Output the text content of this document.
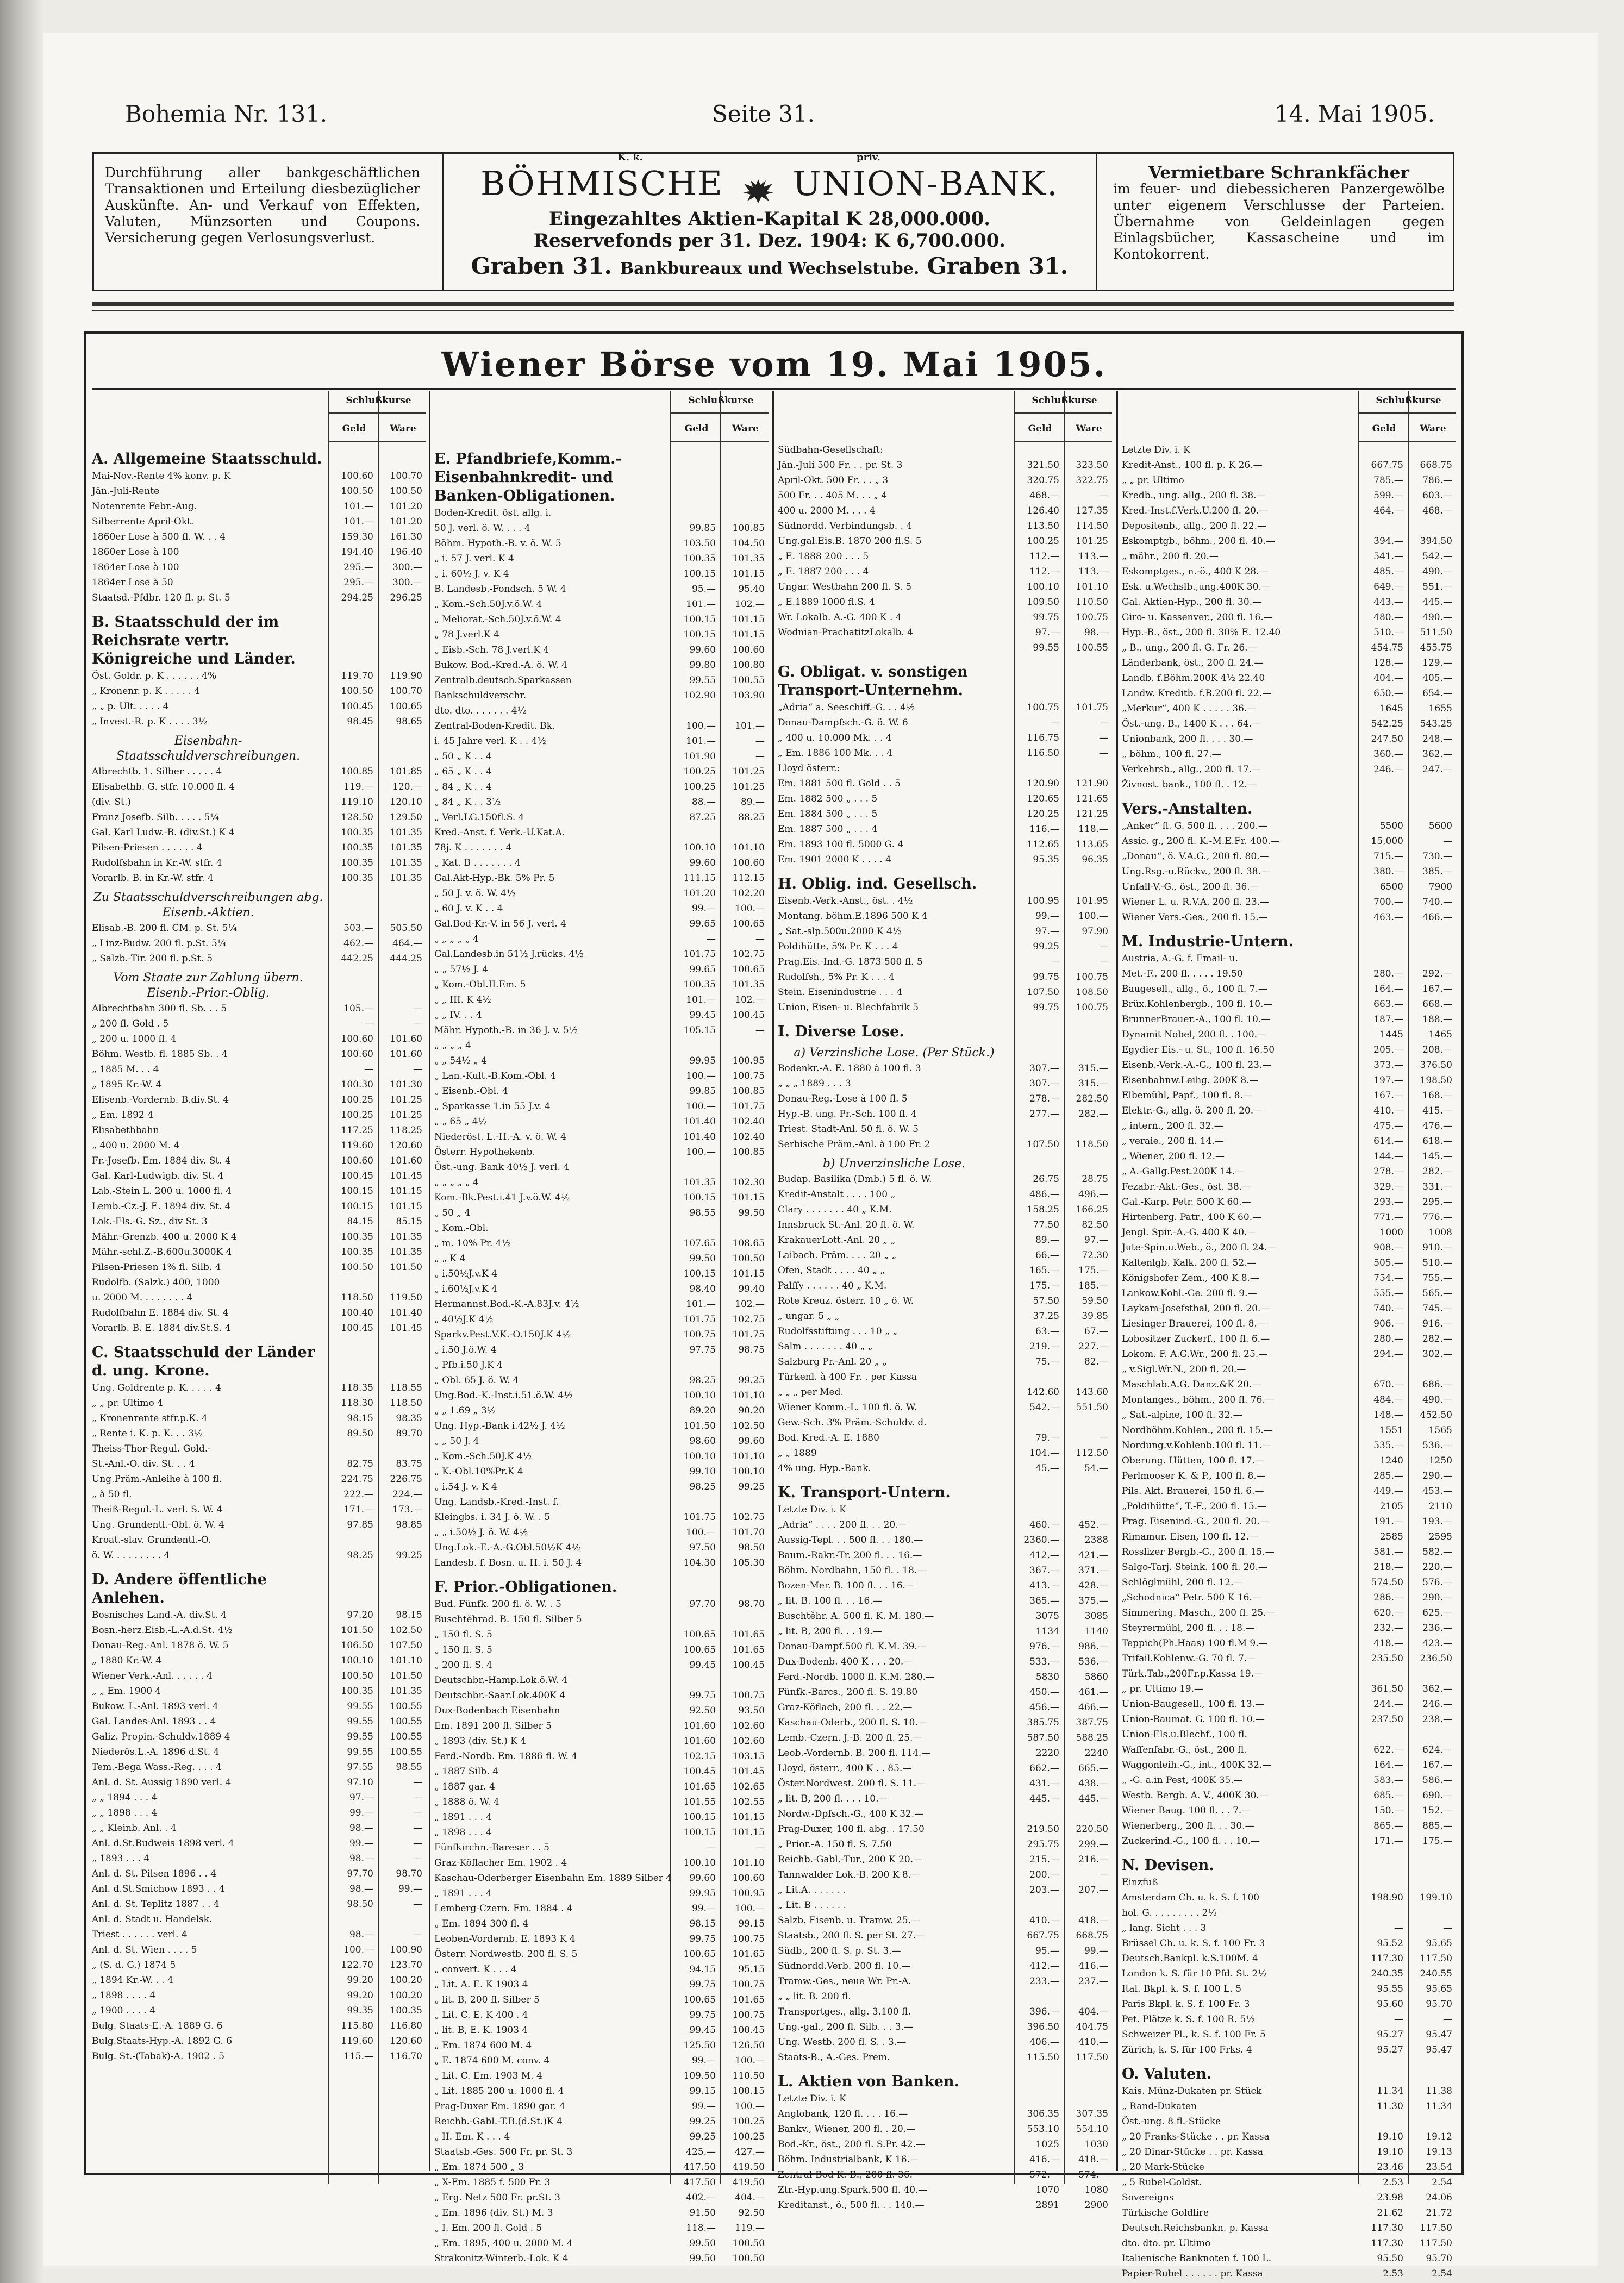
Bohemia Nr. 131.	Seite 31.	14. Mai 1905.
Durchführung aller bankgeschäftlichen Transaktionen und Erteilung diesbezüglicher Auskünfte. An- und Verkauf von Effekten, Valuten, Münzsorten und Coupons. Versicherung gegen Verlosungsverlust.
K. k.	priv.
BÖHMISCHE UNION-BANK.
Eingezahltes Aktien-Kapital K 28,000.000.
Reservefonds per 31. Dez. 1904: K 6,700.000.
Graben 31. Bankbureaux und Wechselstube. Graben 31.
Vermietbare Schrankfächer
im feuer- und diebessicheren Panzergewölbe unter eigenem Verschlusse der Parteien. Übernahme von Geldeinlagen gegen Einlagsbücher, Kassascheine und im Kontokorrent.
Wiener Börse vom 19. Mai 1905.
Schlußkurse
Geld	Ware
A. Allgemeine Staatsschuld.
Mai-Nov.-Rente 4% konv. p. K	100.60	100.70
Jän.-Juli-Rente	100.50	100.50
Notenrente Febr.-Aug.	101.—	101.20
Silberrente April-Okt.	101.—	101.20
1860er Lose à 500 fl. W. . . 4	159.30	161.30
1860er Lose à 100	194.40	196.40
1864er Lose à 100	295.—	300.—
1864er Lose à 50	295.—	300.—
Staatsd.-Pfdbr. 120 fl. p. St. 5	294.25	296.25
B. Staatsschuld der im Reichsrate vertr. Königreiche und Länder.
Öst. Goldr. p. K . . . . . . 4%	119.70	119.90
„ Kronenr. p. K . . . . . 4	100.50	100.70
„ „ p. Ult. . . . . 4	100.45	100.65
„ Invest.-R. p. K . . . . 3½	98.45	98.65
Eisenbahn-Staatsschuldverschreibungen.
Albrechtb. 1. Silber . . . . . 4	100.85	101.85
Elisabethb. G. stfr. 10.000 fl. 4	119.—	120.—
(div. St.)	119.10	120.10
Franz Josefb. Silb. . . . . 5¼	128.50	129.50
Gal. Karl Ludw.-B. (div.St.) K 4	100.35	101.35
Pilsen-Priesen . . . . . . 4	100.35	101.35
Rudolfsbahn in Kr.-W. stfr. 4	100.35	101.35
Vorarlb. B. in Kr.-W. stfr. 4	100.35	101.35
Zu Staatsschuldverschreibungen abg. Eisenb.-Aktien.
Elisab.-B. 200 fl. CM. p. St. 5¼	503.—	505.50
„ Linz-Budw. 200 fl. p.St. 5¼	462.—	464.—
„ Salzb.-Tir. 200 fl. p.St. 5	442.25	444.25
Vom Staate zur Zahlung übern. Eisenb.-Prior.-Oblig.
Albrechtbahn 300 fl. Sb. . . 5	105.—	—
„ 200 fl. Gold . 5	—	—
„ 200 u. 1000 fl. 4	100.60	101.60
Böhm. Westb. fl. 1885 Sb. . 4	100.60	101.60
„ 1885 M. . . 4	—	—
„ 1895 Kr.-W. 4	100.30	101.30
Elisenb.-Vordernb. B.div.St. 4	100.25	101.25
„ Em. 1892 4	100.25	101.25
Elisabethbahn	117.25	118.25
„ 400 u. 2000 M. 4	119.60	120.60
Fr.-Josefb. Em. 1884 div. St. 4	100.60	101.60
Gal. Karl-Ludwigb. div. St. 4	100.45	101.45
Lab.-Stein L. 200 u. 1000 fl. 4	100.15	101.15
Lemb.-Cz.-J. E. 1894 div. St. 4	100.15	101.15
Lok.-Els.-G. Sz., div St. 3	84.15	85.15
Mähr.-Grenzb. 400 u. 2000 K 4	100.35	101.35
Mähr.-schl.Z.-B.600u.3000K 4	100.35	101.35
Pilsen-Priesen 1% fl. Silb. 4	100.50	101.50
Rudolfb. (Salzk.) 400, 1000
u. 2000 M. . . . . . . . 4	118.50	119.50
Rudolfbahn E. 1884 div. St. 4	100.40	101.40
Vorarlb. B. E. 1884 div.St.S. 4	100.45	101.45
C. Staatsschuld der Länder d. ung. Krone.
Ung. Goldrente p. K. . . . . 4	118.35	118.55
„ „ pr. Ultimo 4	118.30	118.50
„ Kronenrente stfr.p.K. 4	98.15	98.35
„ Rente i. K. p. K. . . 3½	89.50	89.70
Theiss-Thor-Regul. Gold.-
St.-Anl.-O. div. St. . . 4	82.75	83.75
Ung.Präm.-Anleihe à 100 fl.	224.75	226.75
„ à 50 fl.	222.—	224.—
Theiß-Regul.-L. verl. S. W. 4	171.—	173.—
Ung. Grundentl.-Obl. ö. W. 4	97.85	98.85
Kroat.-slav. Grundentl.-O.
ö. W. . . . . . . . . 4	98.25	99.25
D. Andere öffentliche Anlehen.
Bosnisches Land.-A. div.St. 4	97.20	98.15
Bosn.-herz.Eisb.-L.-A.d.St. 4½	101.50	102.50
Donau-Reg.-Anl. 1878 ö. W. 5	106.50	107.50
„ 1880 Kr.-W. 4	100.10	101.10
Wiener Verk.-Anl. . . . . . 4	100.50	101.50
„ „ Em. 1900 4	100.35	101.35
Bukow. L.-Anl. 1893 verl. 4	99.55	100.55
Gal. Landes-Anl. 1893 . . 4	99.55	100.55
Galiz. Propin.-Schuldv.1889 4	99.55	100.55
Niederös.L.-A. 1896 d.St. 4	99.55	100.55
Tem.-Bega Wass.-Reg. . . . 4	97.55	98.55
Anl. d. St. Aussig 1890 verl. 4	97.10	—
„ „ 1894 . . . 4	97.—	—
„ „ 1898 . . . 4	99.—	—
„ „ Kleinb. Anl. . 4	98.—	—
Anl. d.St.Budweis 1898 verl. 4	99.—	—
„ 1893 . . . 4	98.—	—
Anl. d. St. Pilsen 1896 . . 4	97.70	98.70
Anl. d.St.Smichow 1893 . . 4	98.—	99.—
Anl. d. St. Teplitz 1887 . . 4	98.50	—
Anl. d. Stadt u. Handelsk.
Triest . . . . . . verl. 4	98.—	—
Anl. d. St. Wien . . . . 5	100.—	100.90
„ (S. d. G.) 1874 5	122.70	123.70
„ 1894 Kr.-W. . . 4	99.20	100.20
„ 1898 . . . . 4	99.20	100.20
„ 1900 . . . . 4	99.35	100.35
Bulg. Staats-E.-A. 1889 G. 6	115.80	116.80
Bulg.Staats-Hyp.-A. 1892 G. 6	119.60	120.60
Bulg. St.-(Tabak)-A. 1902 . 5	115.—	116.70
Schlußkurse
Geld	Ware
E. Pfandbriefe,Komm.-Eisenbahnkredit- und Banken-Obligationen.
Boden-Kredit. öst. allg. i.
50 J. verl. ö. W. . . . 4	99.85	100.85
Böhm. Hypoth.-B. v. ö. W. 5	103.50	104.50
„ i. 57 J. verl. K 4	100.35	101.35
„ i. 60½ J. v. K 4	100.15	101.15
B. Landesb.-Fondsch. 5 W. 4	95.—	95.40
„ Kom.-Sch.50J.v.ö.W. 4	101.—	102.—
„ Meliorat.-Sch.50J.v.ö.W. 4	100.15	101.15
„ 78 J.verl.K 4	100.15	101.15
„ Eisb.-Sch. 78 J.verl.K 4	99.60	100.60
Bukow. Bod.-Kred.-A. ö. W. 4	99.80	100.80
Zentralb.deutsch.Sparkassen	99.55	100.55
Bankschuldverschr.	102.90	103.90
dto. dto. . . . . . . 4½
Zentral-Boden-Kredit. Bk.	100.—	101.—
i. 45 Jahre verl. K . . 4½	101.—	—
„ 50 „ K . . 4	101.90	—
„ 65 „ K . . 4	100.25	101.25
„ 84 „ K . . 4	100.25	101.25
„ 84 „ K . . 3½	88.—	89.—
„ Verl.LG.150fl.S. 4	87.25	88.25
Kred.-Anst. f. Verk.-U.Kat.A.
78j. K . . . . . . . 4	100.10	101.10
„ Kat. B . . . . . . . 4	99.60	100.60
Gal.Akt-Hyp.-Bk. 5% Pr. 5	111.15	112.15
„ 50 J. v. ö. W. 4½	101.20	102.20
„ 60 J. v. K . . 4	99.—	100.—
Gal.Bod-Kr.-V. in 56 J. verl. 4	99.65	100.65
„ „ „ „ „ 4	—	—
Gal.Landesb.in 51½ J.rücks. 4½	101.75	102.75
„ „ 57½ J. 4	99.65	100.65
„ Kom.-Obl.II.Em. 5	100.35	101.35
„ „ III. K 4½	101.—	102.—
„ „ IV. . . 4	99.45	100.45
Mähr. Hypoth.-B. in 36 J. v. 5½	105.15	—
„ „ „ „ 4
„ „ 54½ „ 4	99.95	100.95
„ Lan.-Kult.-B.Kom.-Obl. 4	100.—	100.75
„ Eisenb.-Obl. 4	99.85	100.85
„ Sparkasse 1.in 55 J.v. 4	100.—	101.75
„ „ 65 „ 4½	101.40	102.40
Niederöst. L.-H.-A. v. ö. W. 4	101.40	102.40
Österr. Hypothekenb.	100.—	100.85
Öst.-ung. Bank 40½ J. verl. 4
„ „ „ „ „ 4	101.35	102.30
Kom.-Bk.Pest.i.41 J.v.ö.W. 4½	100.15	101.15
„ 50 „ 4	98.55	99.50
„ Kom.-Obl.
„ m. 10% Pr. 4½	107.65	108.65
„ „ K 4	99.50	100.50
„ i.50½J.v.K 4	100.15	101.15
„ i.60½J.v.K 4	98.40	99.40
Hermannst.Bod.-K.-A.83J.v. 4½	101.—	102.—
„ 40½J.K 4½	101.75	102.75
Sparkv.Pest.V.K.-O.150J.K 4½	100.75	101.75
„ i.50 J.ö.W. 4	97.75	98.75
„ Pfb.i.50 J.K 4
„ Obl. 65 J. ö. W. 4	98.25	99.25
Ung.Bod.-K.-Inst.i.51.ö.W. 4½	100.10	101.10
„ „ 1.69 „ 3½	89.20	90.20
Ung. Hyp.-Bank i.42½ J. 4½	101.50	102.50
„ „ 50 J. 4	98.60	99.60
„ Kom.-Sch.50J.K 4½	100.10	101.10
„ K.-Obl.10%Pr.K 4	99.10	100.10
„ i.54 J. v. K 4	98.25	99.25
Ung. Landsb.-Kred.-Inst. f.
Kleingbs. i. 34 J. ö. W. . 5	101.75	102.75
„ „ i.50½ J. ö. W. 4½	100.—	101.70
Ung.Lok.-E.-A.-G.Obl.50½K 4½	97.50	98.50
Landesb. f. Bosn. u. H. i. 50 J. 4	104.30	105.30
F. Prior.-Obligationen.
Bud. Fünfk. 200 fl. ö. W. . 5	97.70	98.70
Buschtěhrad. B. 150 fl. Silber 5
„ 150 fl. S. 5	100.65	101.65
„ 150 fl. S. 5	100.65	101.65
„ 200 fl. S. 4	99.45	100.45
Deutschbr.-Hamp.Lok.ö.W. 4
Deutschbr.-Saar.Lok.400K 4	99.75	100.75
Dux-Bodenbach Eisenbahn	92.50	93.50
Em. 1891 200 fl. Silber 5	101.60	102.60
„ 1893 (div. St.) K 4	101.60	102.60
Ferd.-Nordb. Em. 1886 fl. W. 4	102.15	103.15
„ 1887 Silb. 4	100.45	101.45
„ 1887 gar. 4	101.65	102.65
„ 1888 ö. W. 4	101.55	102.55
„ 1891 . . . 4	100.15	101.15
„ 1898 . . . 4	100.15	101.15
Fünfkirchn.-Bareser . . 5	—	—
Graz-Köflacher Em. 1902 . 4	100.10	101.10
Kaschau-Oderberger Eisenbahn Em. 1889 Silber 4	99.60	100.60
„ 1891 . . . 4	99.95	100.95
Lemberg-Czern. Em. 1884 . 4	99.—	100.—
„ Em. 1894 300 fl. 4	98.15	99.15
Leoben-Vordernb. E. 1893 K 4	99.75	100.75
Österr. Nordwestb. 200 fl. S. 5	100.65	101.65
„ convert. K . . . 4	94.15	95.15
„ Lit. A. E. K 1903 4	99.75	100.75
„ lit. B, 200 fl. Silber 5	100.65	101.65
„ Lit. C. E. K 400 . 4	99.75	100.75
„ lit. B, E. K. 1903 4	99.45	100.45
„ Em. 1874 600 M. 4	125.50	126.50
„ E. 1874 600 M. conv. 4	99.—	100.—
„ Lit. C. Em. 1903 M. 4	109.50	110.50
„ Lit. 1885 200 u. 1000 fl. 4	99.15	100.15
Prag-Duxer Em. 1890 gar. 4	99.—	100.—
Reichb.-Gabl.-T.B.(d.St.)K 4	99.25	100.25
„ II. Em. K . . . 4	99.25	100.25
Staatsb.-Ges. 500 Fr. pr. St. 3	425.—	427.—
„ Em. 1874 500 „ 3	417.50	419.50
„ X-Em. 1885 f. 500 Fr. 3	417.50	419.50
„ Erg. Netz 500 Fr. pr.St. 3	402.—	404.—
„ Em. 1896 (div. St.) M. 3	91.50	92.50
„ I. Em. 200 fl. Gold . 5	118.—	119.—
„ Em. 1895, 400 u. 2000 M. 4	99.50	100.50
Strakonitz-Winterb.-Lok. K 4	99.50	100.50
Schlußkurse
Geld	Ware
Südbahn-Gesellschaft:
Jän.-Juli 500 Fr. . . pr. St. 3	321.50	323.50
April-Okt. 500 Fr. . . „ 3	320.75	322.75
500 Fr. . . 405 M. . . „ 4	468.—	—
400 u. 2000 M. . . . 4	126.40	127.35
Südnordd. Verbindungsb. . 4	113.50	114.50
Ung.gal.Eis.B. 1870 200 fl.S. 5	100.25	101.25
„ E. 1888 200 . . . 5	112.—	113.—
„ E. 1887 200 . . . 4	112.—	113.—
Ungar. Westbahn 200 fl. S. 5	100.10	101.10
„ E.1889 1000 fl.S. 4	109.50	110.50
Wr. Lokalb. A.-G. 400 K . 4	99.75	100.75
Wodnian-PrachatitzLokalb. 4	97.—	98.—
99.55	100.55
G. Obligat. v. sonstigen Transport-Unternehm.
„Adria“ a. Seeschiff.-G. . . 4½	100.75	101.75
Donau-Dampfsch.-G. ö. W. 6	—	—
„ 400 u. 10.000 Mk. . . 4	116.75	—
„ Em. 1886 100 Mk. . . 4	116.50	—
Lloyd österr.:
Em. 1881 500 fl. Gold . . 5	120.90	121.90
Em. 1882 500 „ . . . 5	120.65	121.65
Em. 1884 500 „ . . . 5	120.25	121.25
Em. 1887 500 „ . . . 4	116.—	118.—
Em. 1893 100 fl. 5000 G. 4	112.65	113.65
Em. 1901 2000 K . . . . 4	95.35	96.35
H. Oblig. ind. Gesellsch.
Eisenb.-Verk.-Anst., öst. . 4½	100.95	101.95
Montang. böhm.E.1896 500 K 4	99.—	100.—
„ Sat.-slp.500u.2000 K 4½	97.—	97.90
Poldihütte, 5% Pr. K . . . 4	99.25	—
Prag.Eis.-Ind.-G. 1873 500 fl. 5	—	—
Rudolfsh., 5% Pr. K . . . 4	99.75	100.75
Stein. Eisenindustrie . . . 4	107.50	108.50
Union, Eisen- u. Blechfabrik 5	99.75	100.75
I. Diverse Lose.
a) Verzinsliche Lose. (Per Stück.)
Bodenkr.-A. E. 1880 à 100 fl. 3	307.—	315.—
„ „ „ 1889 . . . 3	307.—	315.—
Donau-Reg.-Lose à 100 fl. 5	278.—	282.50
Hyp.-B. ung. Pr.-Sch. 100 fl. 4	277.—	282.—
Triest. Stadt-Anl. 50 fl. ö. W. 5
Serbische Präm.-Anl. à 100 Fr. 2	107.50	118.50
b) Unverzinsliche Lose.
Budap. Basilika (Dmb.) 5 fl. ö. W.	26.75	28.75
Kredit-Anstalt . . . . 100 „	486.—	496.—
Clary . . . . . . . 40 „ K.M.	158.25	166.25
Innsbruck St.-Anl. 20 fl. ö. W.	77.50	82.50
KrakauerLott.-Anl. 20 „ „	89.—	97.—
Laibach. Präm. . . . 20 „ „	66.—	72.30
Ofen, Stadt . . . . 40 „ „	165.—	175.—
Palffy . . . . . . 40 „ K.M.	175.—	185.—
Rote Kreuz. österr. 10 „ ö. W.	57.50	59.50
„ ungar. 5 „ „	37.25	39.85
Rudolfsstiftung . . . 10 „ „	63.—	67.—
Salm . . . . . . . 40 „ „	219.—	227.—
Salzburg Pr.-Anl. 20 „ „	75.—	82.—
Türkenl. à 400 Fr. . per Kassa
„ „ „ per Med.	142.60	143.60
Wiener Komm.-L. 100 fl. ö. W.	542.—	551.50
Gew.-Sch. 3% Präm.-Schuldv. d.
Bod. Kred.-A. E. 1880	79.—	—
„ „ 1889	104.—	112.50
4% ung. Hyp.-Bank.	45.—	54.—
K. Transport-Untern.
Letzte Div. i. K
„Adria“ . . . . 200 fl. . . 20.—	460.—	452.—
Aussig-Tepl. . . 500 fl. . . 180.—	2360.—	2388
Baum.-Rakr.-Tr. 200 fl. . . 16.—	412.—	421.—
Böhm. Nordbahn, 150 fl. . 18.—	367.—	371.—
Bozen-Mer. B. 100 fl. . . 16.—	413.—	428.—
„ lit. B. 100 fl. . . 16.—	365.—	375.—
Buschtěhr. A. 500 fl. K. M. 180.—	3075	3085
„ lit. B, 200 fl. . . 19.—	1134	1140
Donau-Dampf.500 fl. K.M. 39.—	976.—	986.—
Dux-Bodenb. 400 K . . . 20.—	533.—	536.—
Ferd.-Nordb. 1000 fl. K.M. 280.—	5830	5860
Fünfk.-Barcs., 200 fl. S. 19.80	450.—	461.—
Graz-Köflach, 200 fl. . . 22.—	456.—	466.—
Kaschau-Oderb., 200 fl. S. 10.—	385.75	387.75
Lemb.-Czern. J.-B. 200 fl. 25.—	587.50	588.25
Leob.-Vordernb. B. 200 fl. 114.—	2220	2240
Lloyd, österr., 400 K . . 85.—	662.—	665.—
Öster.Nordwest. 200 fl. S. 11.—	431.—	438.—
„ lit. B, 200 fl. . . . 10.—	445.—	445.—
Nordw.-Dpfsch.-G., 400 K 32.—
Prag-Duxer, 100 fl. abg. . 17.50	219.50	220.50
„ Prior.-A. 150 fl. S. 7.50	295.75	299.—
Reichb.-Gabl.-Tur., 200 K 20.—	215.—	216.—
Tannwalder Lok.-B. 200 K 8.—	200.—	—
„ Lit.A. . . . . . .	203.—	207.—
„ Lit. B . . . . . .
Salzb. Eisenb. u. Tramw. 25.—	410.—	418.—
Staatsb., 200 fl. S. per St. 27.—	667.75	668.75
Südb., 200 fl. S. p. St. 3.—	95.—	99.—
Südnordd.Verb. 200 fl. 10.—	412.—	416.—
Tramw.-Ges., neue Wr. Pr.-A.	233.—	237.—
„ „ lit. B. 200 fl.
Transportges., allg. 3.100 fl.	396.—	404.—
Ung.-gal., 200 fl. Silb. . . 3.—	396.50	404.75
Ung. Westb. 200 fl. S. . 3.—	406.—	410.—
Staats-B., A.-Ges. Prem.	115.50	117.50
L. Aktien von Banken.
Letzte Div. i. K
Anglobank, 120 fl. . . . 16.—	306.35	307.35
Bankv., Wiener, 200 fl. . 20.—	553.10	554.10
Bod.-Kr., öst., 200 fl. S.Pr. 42.—	1025	1030
Böhm. Industrialbank, K 16.—	416.—	418.—
Zentral-Bod-K.-B., 200 fl. 36.—	572.—	574.—
Ztr.-Hyp.ung.Spark.500 fl. 40.—	1070	1080
Kreditanst., ö., 500 fl. . . 140.—	2891	2900
Schlußkurse
Geld	Ware
Letzte Div. i. K
Kredit-Anst., 100 fl. p. K 26.—	667.75	668.75
„ „ pr. Ultimo	785.—	786.—
Kredb., ung. allg., 200 fl. 38.—	599.—	603.—
Kred.-Inst.f.Verk.U.200 fl. 20.—	464.—	468.—
Depositenb., allg., 200 fl. 22.—
Eskomptgb., böhm., 200 fl. 40.—	394.—	394.50
„ mähr., 200 fl. 20.—	541.—	542.—
Eskomptges., n.-ö., 400 K 28.—	485.—	490.—
Esk. u.Wechslb.,ung.400K 30.—	649.—	551.—
Gal. Aktien-Hyp., 200 fl. 30.—	443.—	445.—
Giro- u. Kassenver., 200 fl. 16.—	480.—	490.—
Hyp.-B., öst., 200 fl. 30% E. 12.40	510.—	511.50
„ B., ung., 200 fl. G. Fr. 26.—	454.75	455.75
Länderbank, öst., 200 fl. 24.—	128.—	129.—
Landb. f.Böhm.200K 4½ 22.40	404.—	405.—
Landw. Kreditb. f.B.200 fl. 22.—	650.—	654.—
„Merkur“, 400 K . . . . . 36.—	1645	1655
Öst.-ung. B., 1400 K . . . 64.—	542.25	543.25
Unionbank, 200 fl. . . . 30.—	247.50	248.—
„ böhm., 100 fl. 27.—	360.—	362.—
Verkehrsb., allg., 200 fl. 17.—	246.—	247.—
Živnost. bank., 100 fl. . 12.—
Vers.-Anstalten.
„Anker“ fl. G. 500 fl. . . . 200.—	5500	5600
Assic. g., 200 fl. K.-M.E.Fr. 400.—	15,000	—
„Donau“, ö. V.A.G., 200 fl. 80.—	715.—	730.—
Ung.Rsg.-u.Rückv., 200 fl. 38.—	380.—	385.—
Unfall-V.-G., öst., 200 fl. 36.—	6500	7900
Wiener L. u. R.V.A. 200 fl. 23.—	700.—	740.—
Wiener Vers.-Ges., 200 fl. 15.—	463.—	466.—
M. Industrie-Untern.
Austria, A.-G. f. Email- u.
Met.-F., 200 fl. . . . . 19.50	280.—	292.—
Baugesell., allg., ö., 100 fl. 7.—	164.—	167.—
Brüx.Kohlenbergb., 100 fl. 10.—	663.—	668.—
BrunnerBrauer.-A., 100 fl. 10.—	187.—	188.—
Dynamit Nobel, 200 fl. . 100.—	1445	1465
Egydier Eis.- u. St., 100 fl. 16.50	205.—	208.—
Eisenb.-Verk.-A.-G., 100 fl. 23.—	373.—	376.50
Eisenbahnw.Leihg. 200K 8.—	197.—	198.50
Elbemühl, Papf., 100 fl. 8.—	167.—	168.—
Elektr.-G., allg. ö. 200 fl. 20.—	410.—	415.—
„ intern., 200 fl. 32.—	475.—	476.—
„ veraie., 200 fl. 14.—	614.—	618.—
„ Wiener, 200 fl. 12.—	144.—	145.—
„ A.-Gallg.Pest.200K 14.—	278.—	282.—
Fezabr.-Akt.-Ges., öst. 38.—	329.—	331.—
Gal.-Karp. Petr. 500 K 60.—	293.—	295.—
Hirtenberg. Patr., 400 K 60.—	771.—	776.—
Jengl. Spir.-A.-G. 400 K 40.—	1000	1008
Jute-Spin.u.Web., ö., 200 fl. 24.—	908.—	910.—
Kaltenlgb. Kalk. 200 fl. 52.—	505.—	510.—
Königshofer Zem., 400 K 8.—	754.—	755.—
Lankow.Kohl.-Ge. 200 fl. 9.—	555.—	565.—
Laykam-Josefsthal, 200 fl. 20.—	740.—	745.—
Liesinger Brauerei, 100 fl. 8.—	906.—	916.—
Lobositzer Zuckerf., 100 fl. 6.—	280.—	282.—
Lokom. F. A.G.Wr., 200 fl. 25.—	294.—	302.—
„ v.Sigl.Wr.N., 200 fl. 20.—
Maschlab.A.G. Danz.&K 20.—	670.—	686.—
Montanges., böhm., 200 fl. 76.—	484.—	490.—
„ Sat.-alpine, 100 fl. 32.—	148.—	452.50
Nordböhm.Kohlen., 200 fl. 15.—	1551	1565
Nordung.v.Kohlenb.100 fl. 11.—	535.—	536.—
Oberung. Hütten, 100 fl. 17.—	1240	1250
Perlmooser K. & P., 100 fl. 8.—	285.—	290.—
Pils. Akt. Brauerei, 150 fl. 6.—	449.—	453.—
„Poldihütte“, T.-F., 200 fl. 15.—	2105	2110
Prag. Eisenind.-G., 200 fl. 20.—	191.—	193.—
Rimamur. Eisen, 100 fl. 12.—	2585	2595
Rosslizer Bergb.-G., 200 fl. 15.—	581.—	582.—
Salgo-Tarj. Steink. 100 fl. 20.—	218.—	220.—
Schlöglmühl, 200 fl. 12.—	574.50	576.—
„Schodnica“ Petr. 500 K 16.—	286.—	290.—
Simmering. Masch., 200 fl. 25.—	620.—	625.—
Steyrermühl, 200 fl. . . 18.—	232.—	236.—
Teppich(Ph.Haas) 100 fl.M 9.—	418.—	423.—
Trifail.Kohlenw.-G. 70 fl. 7.—	235.50	236.50
Türk.Tab.,200Fr.p.Kassa 19.—
„ pr. Ultimo 19.—	361.50	362.—
Union-Baugesell., 100 fl. 13.—	244.—	246.—
Union-Baumat. G. 100 fl. 10.—	237.50	238.—
Union-Els.u.Blechf., 100 fl.
Waffenfabr.-G., öst., 200 fl.	622.—	624.—
Waggonleih.-G., int., 400K 32.—	164.—	167.—
„ -G. a.in Pest, 400K 35.—	583.—	586.—
Westb. Bergb. A. V., 400K 30.—	685.—	690.—
Wiener Baug. 100 fl. . . 7.—	150.—	152.—
Wienerberg., 200 fl. . . 30.—	865.—	885.—
Zuckerind.-G., 100 fl. . . 10.—	171.—	175.—
N. Devisen.
Einzfuß
Amsterdam Ch. u. k. S. f. 100	198.90	199.10
hol. G. . . . . . . . . 2½
„ lang. Sicht . . . 3	—	—
Brüssel Ch. u. k. S. f. 100 Fr. 3	95.52	95.65
Deutsch.Bankpl. k.S.100M. 4	117.30	117.50
London k. S. für 10 Pfd. St. 2½	240.35	240.55
Ital. Bkpl. k. S. f. 100 L. 5	95.55	95.65
Paris Bkpl. k. S. f. 100 Fr. 3	95.60	95.70
Pet. Plätze k. S. f. 100 R. 5½	—	—
Schweizer Pl., k. S. f. 100 Fr. 5	95.27	95.47
Zürich, k. S. für 100 Frks. 4	95.27	95.47
O. Valuten.
Kais. Münz-Dukaten pr. Stück	11.34	11.38
„ Rand-Dukaten	11.30	11.34
Öst.-ung. 8 fl.-Stücke
„ 20 Franks-Stücke . . pr. Kassa	19.10	19.12
„ 20 Dinar-Stücke . . pr. Kassa	19.10	19.13
„ 20 Mark-Stücke	23.46	23.54
„ 5 Rubel-Goldst.	2.53	2.54
Sovereigns	23.98	24.06
Türkische Goldlire	21.62	21.72
Deutsch.Reichsbankn. p. Kassa	117.30	117.50
dto. dto. pr. Ultimo	117.30	117.50
Italienische Banknoten f. 100 L.	95.50	95.70
Papier-Rubel . . . . . . pr. Kassa	2.53	2.54
